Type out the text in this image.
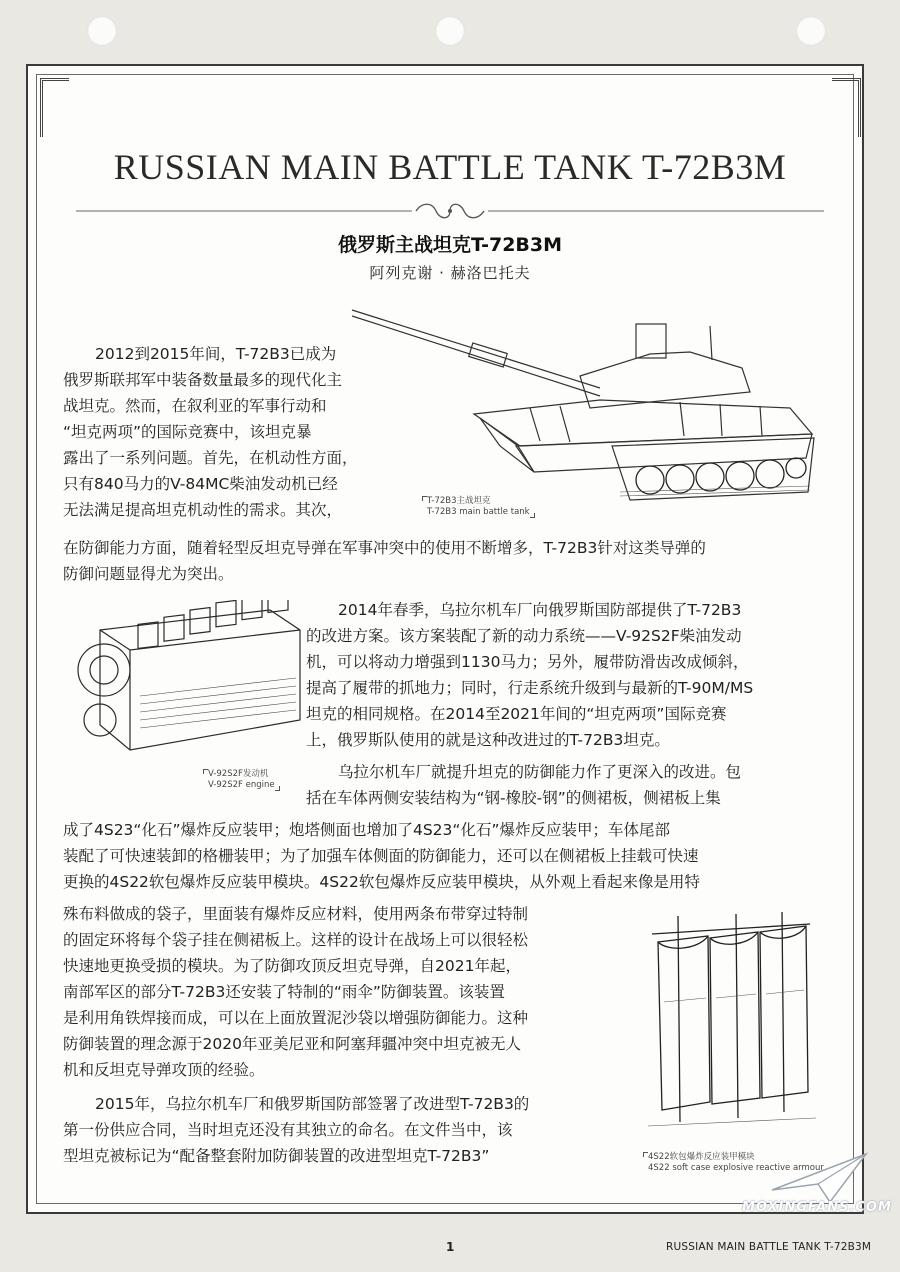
RUSSIAN MAIN BATTLE TANK T-72B3M
俄罗斯主战坦克T-72B3M
阿列克谢 · 赫洛巴托夫
T-72B3主战坦克
T-72B3 main battle tank
V-92S2F发动机
V-92S2F engine
4S22软包爆炸反应装甲模块
4S22 soft case explosive reactive armour
2012到2015年间，T-72B3已成为
俄罗斯联邦军中装备数量最多的现代化主
战坦克。然而，在叙利亚的军事行动和
“坦克两项”的国际竞赛中，该坦克暴
露出了一系列问题。首先，在机动性方面，
只有840马力的V-84MC柴油发动机已经
无法满足提高坦克机动性的需求。其次，
在防御能力方面，随着轻型反坦克导弹在军事冲突中的使用不断增多，T-72B3针对这类导弹的
防御问题显得尤为突出。
2014年春季，乌拉尔机车厂向俄罗斯国防部提供了T-72B3
的改进方案。该方案装配了新的动力系统——V-92S2F柴油发动
机，可以将动力增强到1130马力；另外，履带防滑齿改成倾斜，
提高了履带的抓地力；同时，行走系统升级到与最新的T-90M/MS
坦克的相同规格。在2014至2021年间的“坦克两项”国际竞赛
上，俄罗斯队使用的就是这种改进过的T-72B3坦克。
乌拉尔机车厂就提升坦克的防御能力作了更深入的改进。包
括在车体两侧安装结构为“钢-橡胶-钢”的侧裙板，侧裙板上集
成了4S23“化石”爆炸反应装甲；炮塔侧面也增加了4S23“化石”爆炸反应装甲；车体尾部
装配了可快速装卸的格栅装甲；为了加强车体侧面的防御能力，还可以在侧裙板上挂载可快速
更换的4S22软包爆炸反应装甲模块。4S22软包爆炸反应装甲模块，从外观上看起来像是用特
殊布料做成的袋子，里面装有爆炸反应材料，使用两条布带穿过特制
的固定环将每个袋子挂在侧裙板上。这样的设计在战场上可以很轻松
快速地更换受损的模块。为了防御攻顶反坦克导弹，自2021年起，
南部军区的部分T-72B3还安装了特制的“雨伞”防御装置。该装置
是利用角铁焊接而成，可以在上面放置泥沙袋以增强防御能力。这种
防御装置的理念源于2020年亚美尼亚和阿塞拜疆冲突中坦克被无人
机和反坦克导弹攻顶的经验。
2015年，乌拉尔机车厂和俄罗斯国防部签署了改进型T-72B3的
第一份供应合同，当时坦克还没有其独立的命名。在文件当中，该
型坦克被标记为“配备整套附加防御装置的改进型坦克T-72B3”
1	RUSSIAN MAIN BATTLE TANK T-72B3M
MOXINGFANS.COM
